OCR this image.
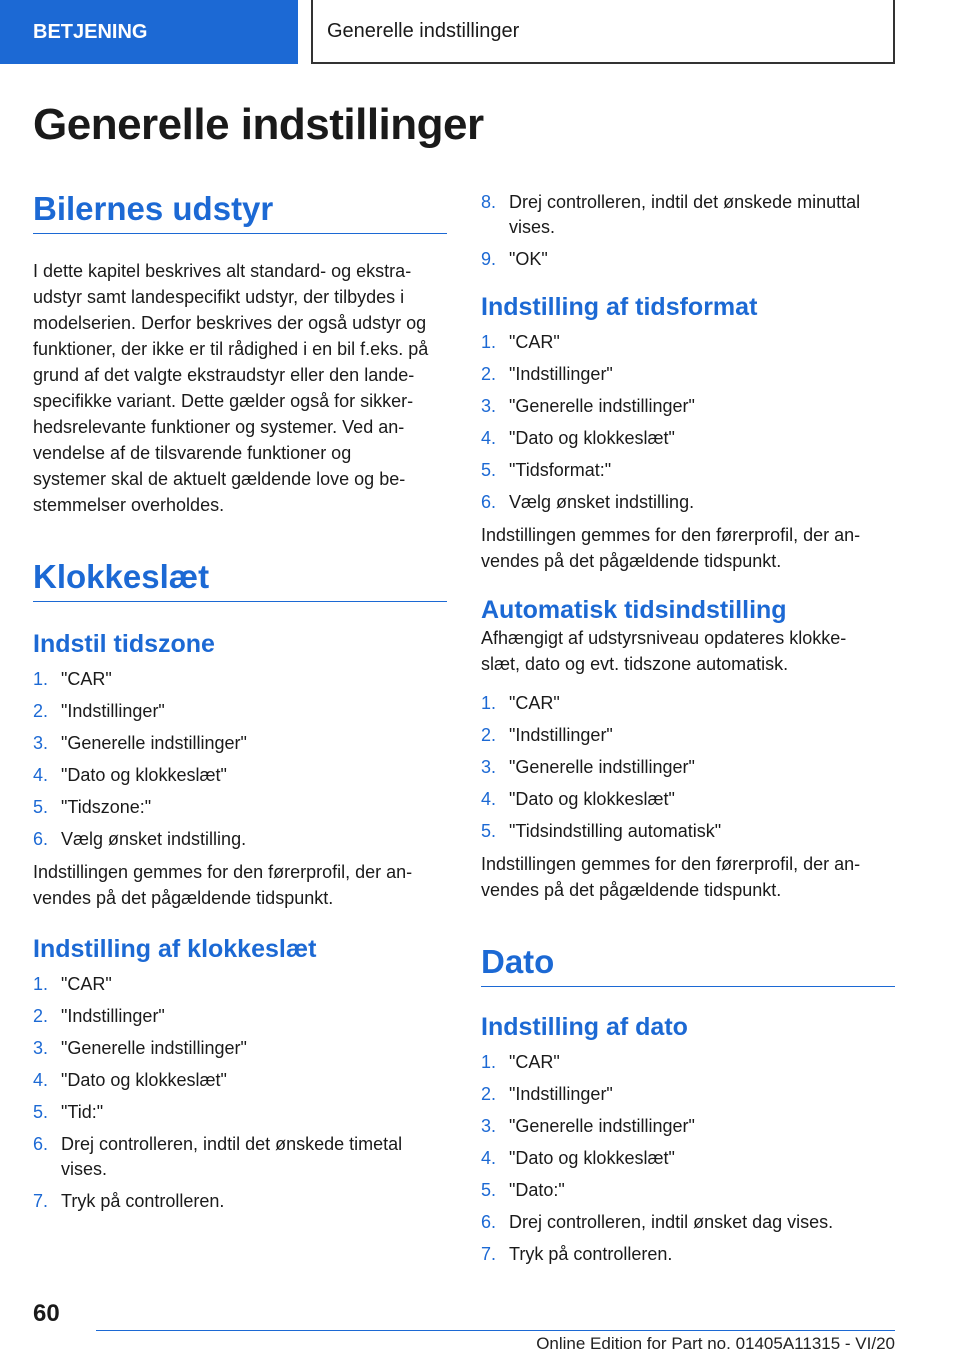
BETJENING	Generelle indstillinger
Generelle indstillinger
Bilernes udstyr

I dette kapitel beskrives alt standard- og ekstra-
udstyr samt landespecifikt udstyr, der tilbydes i
modelserien. Derfor beskrives der også udstyr og
funktioner, der ikke er til rådighed i en bil f.eks. på
grund af det valgte ekstraudstyr eller den lande-
specifikke variant. Dette gælder også for sikker-
hedsrelevante funktioner og systemer. Ved an-
vendelse af de tilsvarende funktioner og
systemer skal de aktuelt gældende love og be-
stemmelser overholdes.

Klokkeslæt
Indstil tidszone
1. "CAR"
2. "Indstillinger"
3. "Generelle indstillinger"
4. "Dato og klokkeslæt"
5. "Tidszone:"
6. Vælg ønsket indstilling.

Indstillingen gemmes for den førerprofil, der an-
vendes på det pågældende tidspunkt.

Indstilling af klokkeslæt
1. "CAR"
2. "Indstillinger"
3. "Generelle indstillinger"
4. "Dato og klokkeslæt"
5. "Tid:"
6. Drej controlleren, indtil det ønskede timetal vises.
7. Tryk på controlleren.
8. Drej controlleren, indtil det ønskede minuttal vises.
9. "OK"
Indstilling af tidsformat
1. "CAR"
2. "Indstillinger"
3. "Generelle indstillinger"
4. "Dato og klokkeslæt"
5. "Tidsformat:"
6. Vælg ønsket indstilling.

Indstillingen gemmes for den førerprofil, der an-
vendes på det pågældende tidspunkt.

Automatisk tidsindstilling

Afhængigt af udstyrsniveau opdateres klokke-
slæt, dato og evt. tidszone automatisk.

1. "CAR"
2. "Indstillinger"
3. "Generelle indstillinger"
4. "Dato og klokkeslæt"
5. "Tidsindstilling automatisk"

Indstillingen gemmes for den førerprofil, der an-
vendes på det pågældende tidspunkt.

Dato
Indstilling af dato
1. "CAR"
2. "Indstillinger"
3. "Generelle indstillinger"
4. "Dato og klokkeslæt"
5. "Dato:"
6. Drej controlleren, indtil ønsket dag vises.
7. Tryk på controlleren.
60
Online Edition for Part no. 01405A11315 - VI/20
